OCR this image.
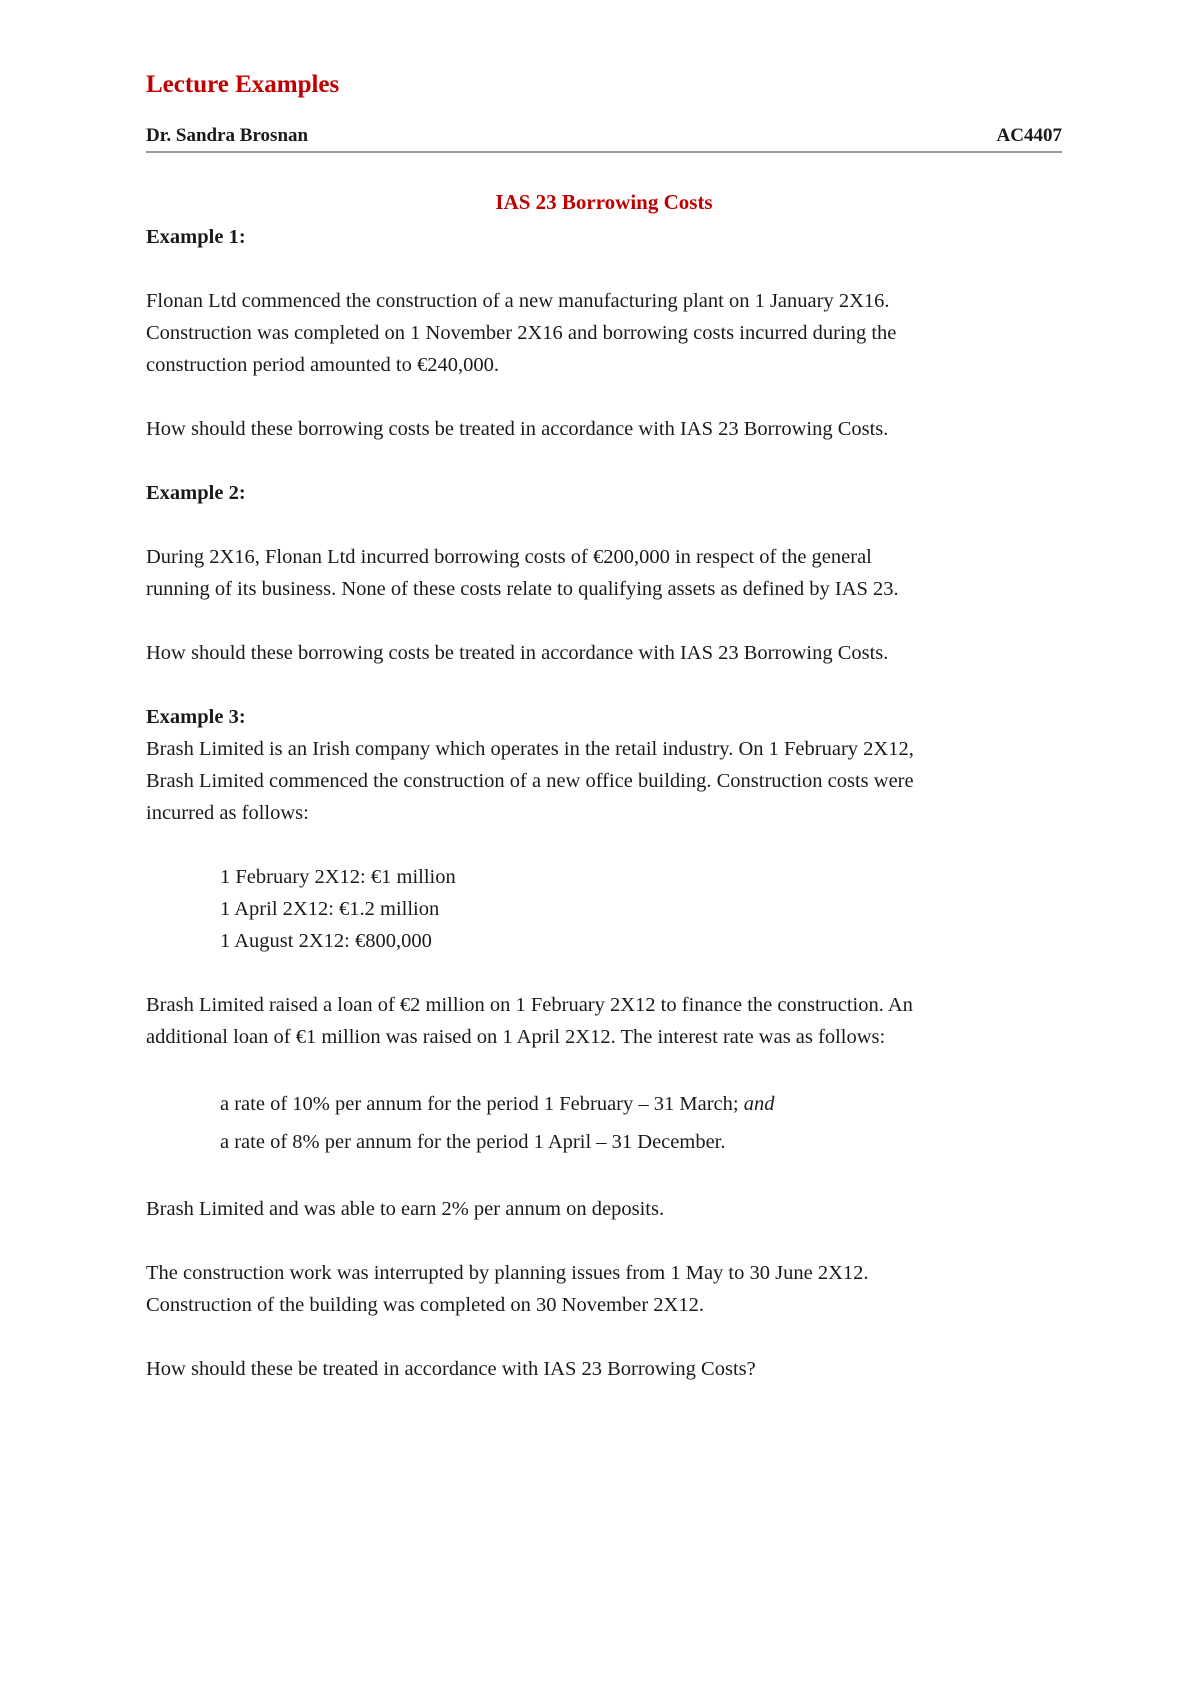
Lecture Examples
Dr. Sandra Brosnan	AC4407
IAS 23 Borrowing Costs

Example 1:

Flonan Ltd commenced the construction of a new manufacturing plant on 1 January 2X16.

Construction was completed on 1 November 2X16 and borrowing costs incurred during the

construction period amounted to €240,000.

How should these borrowing costs be treated in accordance with IAS 23 Borrowing Costs.

Example 2:

During 2X16, Flonan Ltd incurred borrowing costs of €200,000 in respect of the general

running of its business. None of these costs relate to qualifying assets as defined by IAS 23.

How should these borrowing costs be treated in accordance with IAS 23 Borrowing Costs.

Example 3:

Brash Limited is an Irish company which operates in the retail industry. On 1 February 2X12,

Brash Limited commenced the construction of a new office building. Construction costs were

incurred as follows:

1 February 2X12: €1 million

1 April 2X12: €1.2 million

1 August 2X12: €800,000

Brash Limited raised a loan of €2 million on 1 February 2X12 to finance the construction. An

additional loan of €1 million was raised on 1 April 2X12. The interest rate was as follows:

a rate of 10% per annum for the period 1 February – 31 March; and

a rate of 8% per annum for the period 1 April – 31 December.

Brash Limited and was able to earn 2% per annum on deposits.

The construction work was interrupted by planning issues from 1 May to 30 June 2X12.

Construction of the building was completed on 30 November 2X12.

How should these be treated in accordance with IAS 23 Borrowing Costs?
